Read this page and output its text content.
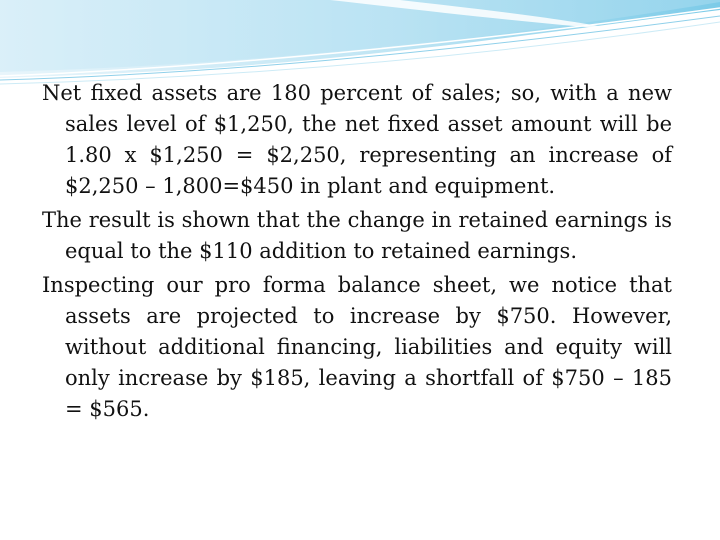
Net fixed assets are 180 percent of sales; so, with a new sales level of $1,250, the net fixed asset amount will be 1.80 x $1,250 = $2,250, representing an increase of $2,250 – 1,800=$450 in plant and equipment.

The result is shown that the change in retained earnings is equal to the $110 addition to retained earnings.

Inspecting our pro forma balance sheet, we notice that assets are projected to increase by $750. However, without additional financing, liabilities and equity will only increase by $185, leaving a shortfall of $750 – 185 = $565.
